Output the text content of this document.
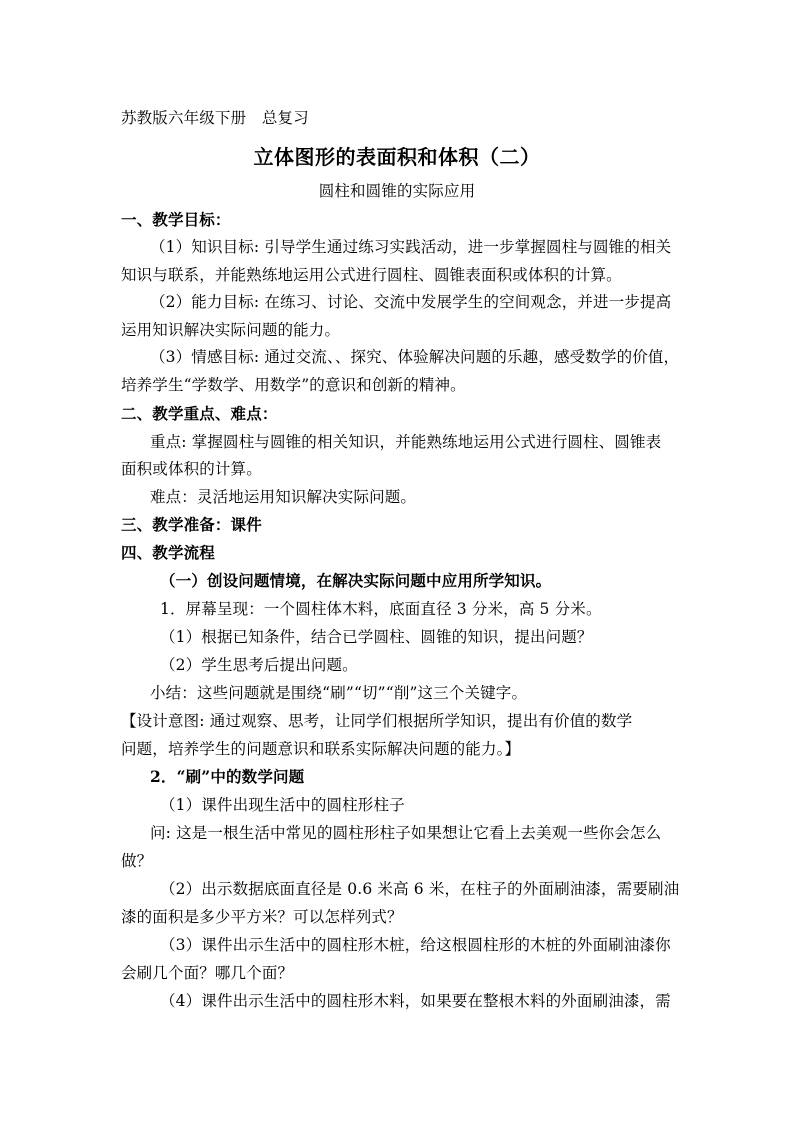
苏教版六年级下册　总复习
立体图形的表面积和体积（二）
圆柱和圆锥的实际应用
一、教学目标：
（1）知识目标: 引导学生通过练习实践活动，进一步掌握圆柱与圆锥的相关
知识与联系，并能熟练地运用公式进行圆柱、圆锥表面积或体积的计算。
（2）能力目标: 在练习、讨论、交流中发展学生的空间观念，并进一步提高
运用知识解决实际问题的能力。
（3）情感目标: 通过交流、、探究、体验解决问题的乐趣，感受数学的价值，
培养学生“学数学、用数学”的意识和创新的精神。
二、教学重点、难点：
重点: 掌握圆柱与圆锥的相关知识，并能熟练地运用公式进行圆柱、圆锥表
面积或体积的计算。
难点：灵活地运用知识解决实际问题。
三、教学准备：课件
四、教学流程
（一）创设问题情境，在解决实际问题中应用所学知识。
1．屏幕呈现：一个圆柱体木料，底面直径 3 分米，高 5 分米。
（1）根据已知条件，结合已学圆柱、圆锥的知识，提出问题？
（2）学生思考后提出问题。
小结：这些问题就是围绕“刷”“切”“削”这三个关键字。
【设计意图: 通过观察、思考，让同学们根据所学知识，提出有价值的数学
问题，培养学生的问题意识和联系实际解决问题的能力。】
2．“刷”中的数学问题
（1）课件出现生活中的圆柱形柱子
问: 这是一根生活中常见的圆柱形柱子如果想让它看上去美观一些你会怎么
做？
（2）出示数据底面直径是 0.6 米高 6 米，在柱子的外面刷油漆，需要刷油
漆的面积是多少平方米？可以怎样列式？
（3）课件出示生活中的圆柱形木桩，给这根圆柱形的木桩的外面刷油漆你
会刷几个面？哪几个面？
（4）课件出示生活中的圆柱形木料，如果要在整根木料的外面刷油漆，需
